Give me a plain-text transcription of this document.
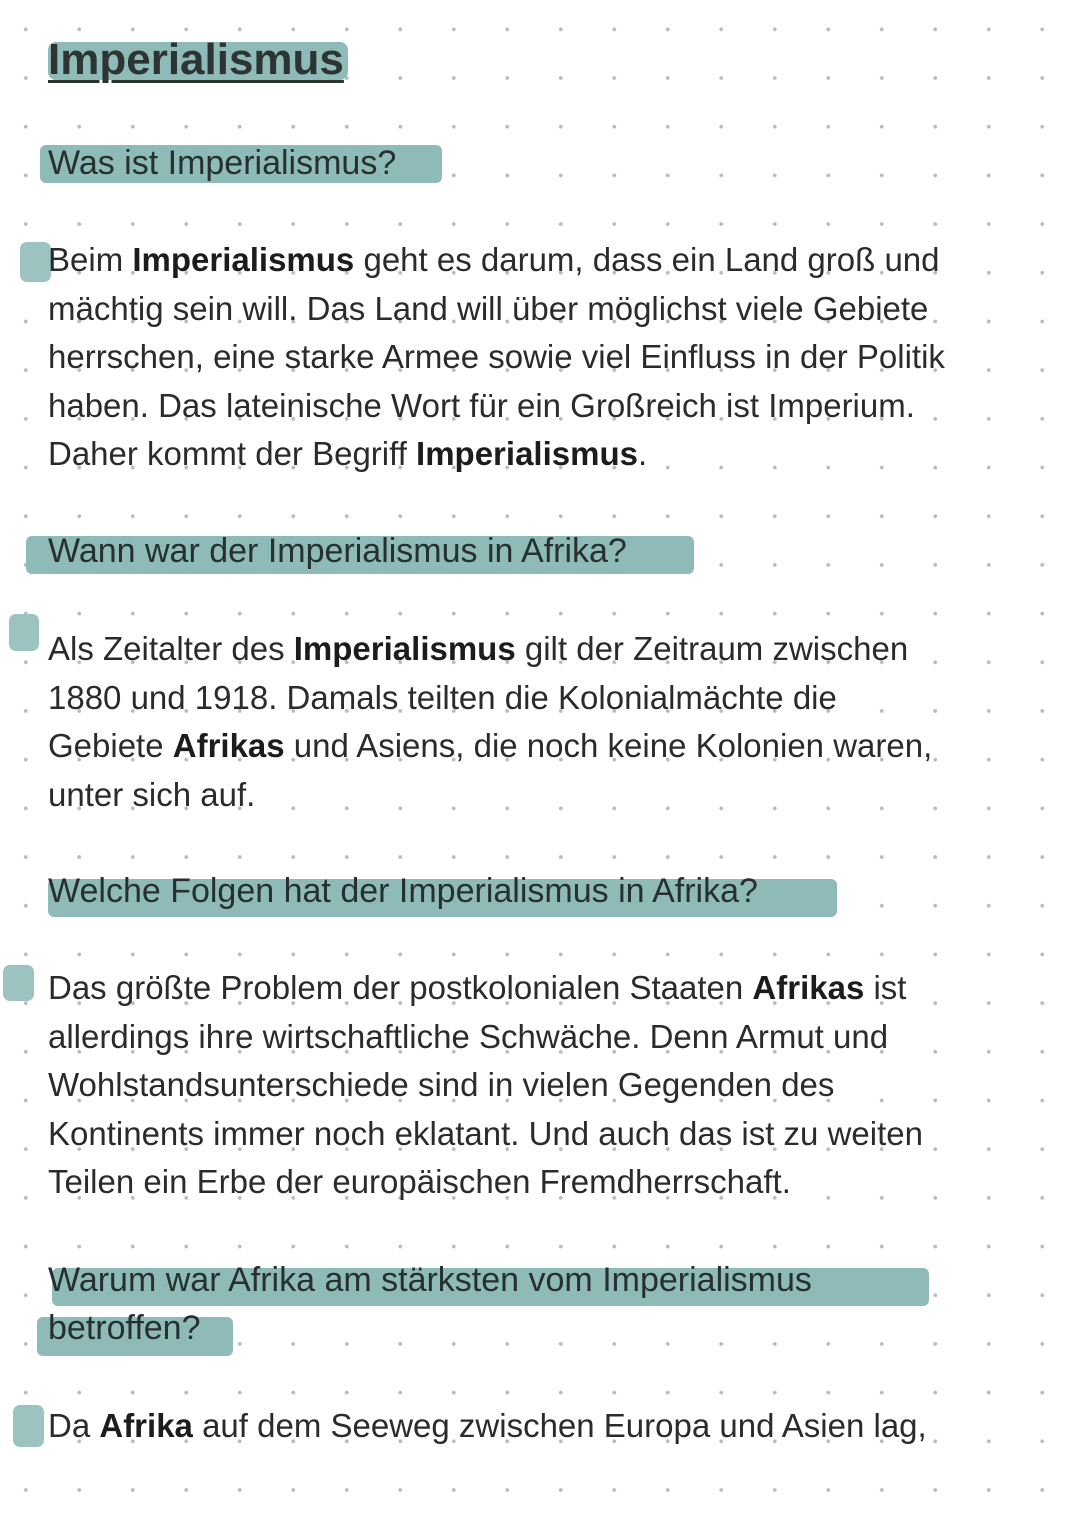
Imperialismus
Was ist Imperialismus?

Beim Imperialismus geht es darum, dass ein Land groß und
mächtig sein will. Das Land will über möglichst viele Gebiete
herrschen, eine starke Armee sowie viel Einfluss in der Politik
haben. Das lateinische Wort für ein Großreich ist Imperium.
Daher kommt der Begriff Imperialismus.

Wann war der Imperialismus in Afrika?

Als Zeitalter des Imperialismus gilt der Zeitraum zwischen
1880 und 1918. Damals teilten die Kolonialmächte die
Gebiete Afrikas und Asiens, die noch keine Kolonien waren,
unter sich auf.

Welche Folgen hat der Imperialismus in Afrika?

Das größte Problem der postkolonialen Staaten Afrikas ist
allerdings ihre wirtschaftliche Schwäche. Denn Armut und
Wohlstandsunterschiede sind in vielen Gegenden des
Kontinents immer noch eklatant. Und auch das ist zu weiten
Teilen ein Erbe der europäischen Fremdherrschaft.

Warum war Afrika am stärksten vom Imperialismus
betroffen?

Da Afrika auf dem Seeweg zwischen Europa und Asien lag,
